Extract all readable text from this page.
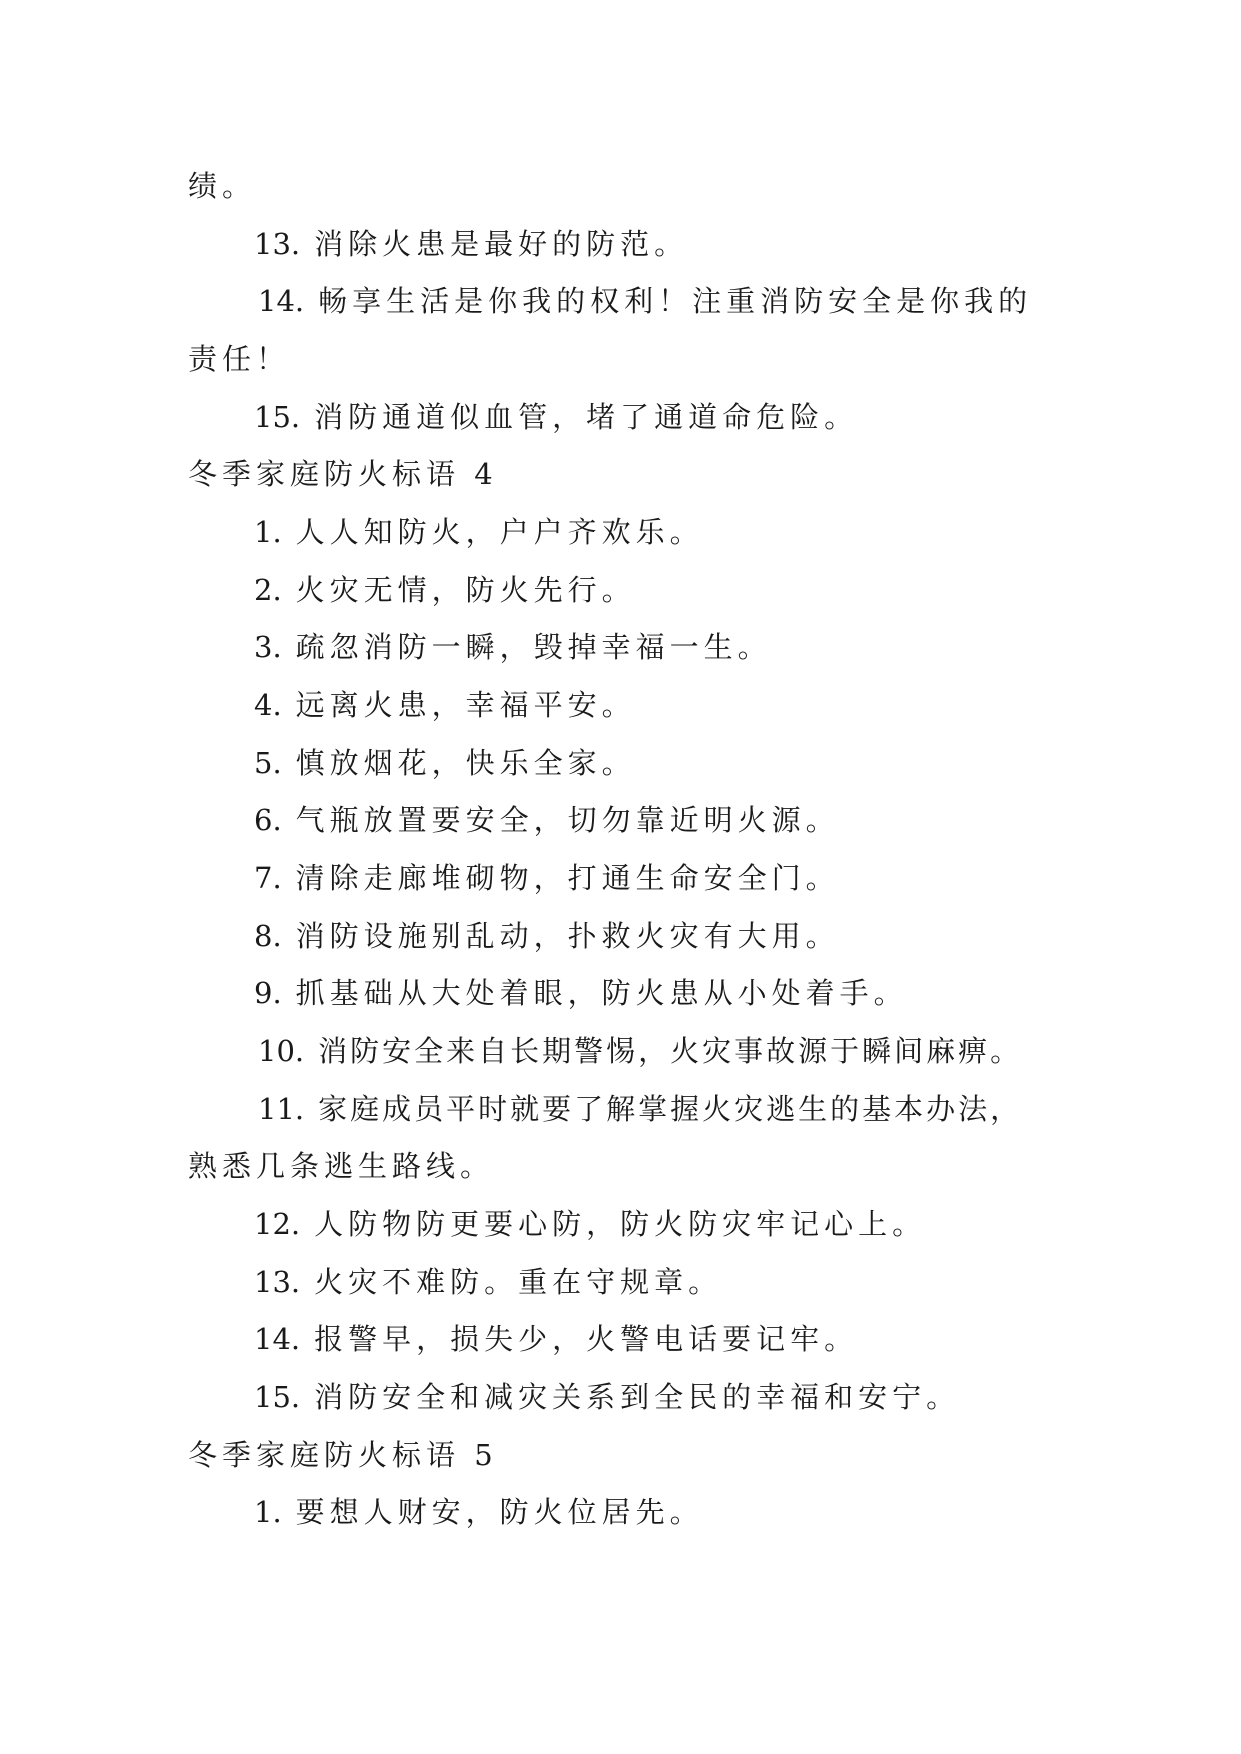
绩。
13. 消除火患是最好的防范。
14. 畅享生活是你我的权利！注重消防安全是你我的
责任！
15. 消防通道似血管，堵了通道命危险。
冬季家庭防火标语 4
1. 人人知防火，户户齐欢乐。
2. 火灾无情，防火先行。
3. 疏忽消防一瞬，毁掉幸福一生。
4. 远离火患，幸福平安。
5. 慎放烟花，快乐全家。
6. 气瓶放置要安全，切勿靠近明火源。
7. 清除走廊堆砌物，打通生命安全门。
8. 消防设施别乱动，扑救火灾有大用。
9. 抓基础从大处着眼，防火患从小处着手。
10. 消防安全来自长期警惕，火灾事故源于瞬间麻痹。
11. 家庭成员平时就要了解掌握火灾逃生的基本办法，
熟悉几条逃生路线。
12. 人防物防更要心防，防火防灾牢记心上。
13. 火灾不难防。重在守规章。
14. 报警早，损失少，火警电话要记牢。
15. 消防安全和减灾关系到全民的幸福和安宁。
冬季家庭防火标语 5
1. 要想人财安，防火位居先。
